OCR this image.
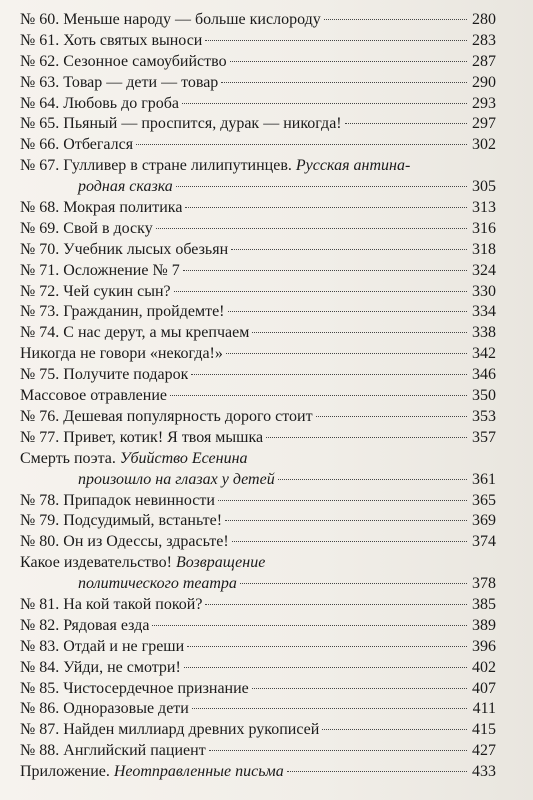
№ 60. Меньше народу — больше кислороду	280
№ 61. Хоть святых выноси	283
№ 62. Сезонное самоубийство	287
№ 63. Товар — дети — товар	290
№ 64. Любовь до гроба	293
№ 65. Пьяный — проспится, дурак — никогда!	297
№ 66. Отбегался	302
№ 67. Гулливер в стране лилипутинцев. Русская антина-
родная сказка	305
№ 68. Мокрая политика	313
№ 69. Свой в доску	316
№ 70. Учебник лысых обезьян	318
№ 71. Осложнение № 7	324
№ 72. Чей сукин сын?	330
№ 73. Гражданин, пройдемте!	334
№ 74. С нас дерут, а мы крепчаем	338
Никогда не говори «некогда!»	342
№ 75. Получите подарок	346
Массовое отравление	350
№ 76. Дешевая популярность дорого стоит	353
№ 77. Привет, котик! Я твоя мышка	357
Смерть поэта. Убийство Есенина
произошло на глазах у детей	361
№ 78. Припадок невинности	365
№ 79. Подсудимый, встаньте!	369
№ 80. Он из Одессы, здрасьте!	374
Какое издевательство! Возвращение
политического театра	378
№ 81. На кой такой покой?	385
№ 82. Рядовая езда	389
№ 83. Отдай и не греши	396
№ 84. Уйди, не смотри!	402
№ 85. Чистосердечное признание	407
№ 86. Одноразовые дети	411
№ 87. Найден миллиард древних рукописей	415
№ 88. Английский пациент	427
Приложение. Неотправленные письма	433
